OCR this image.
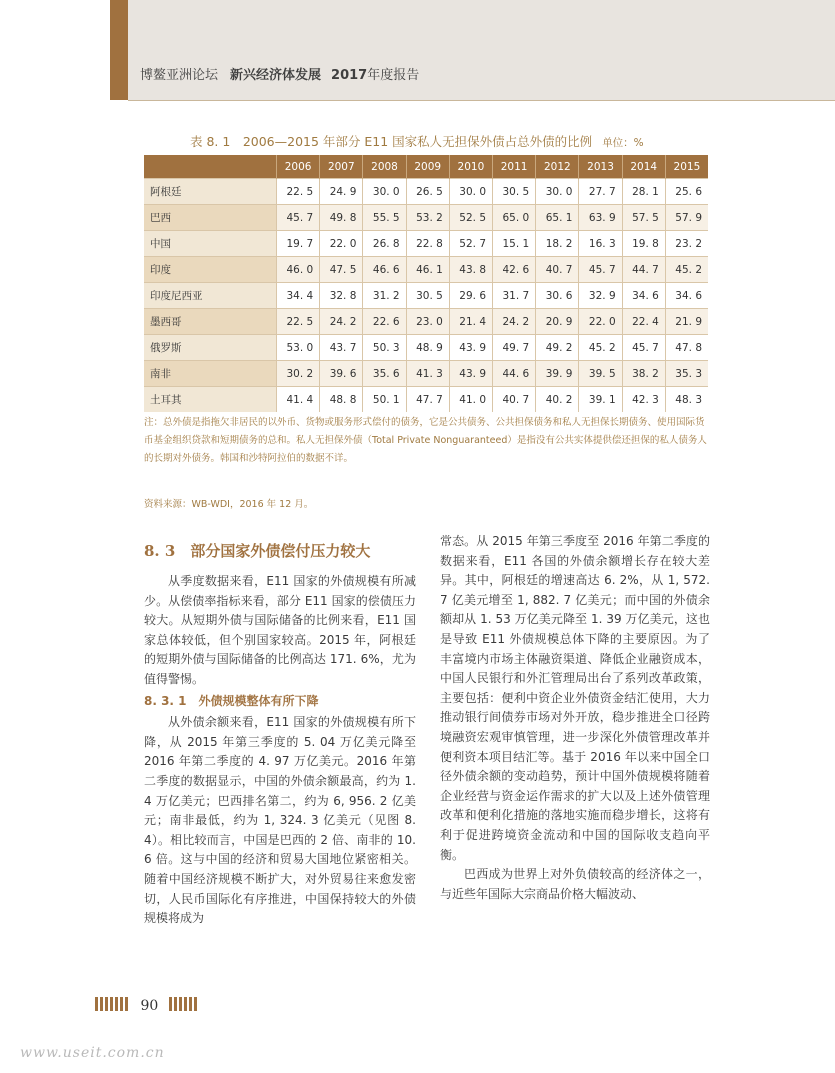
博鳌亚洲论坛 新兴经济体发展 2017年度报告
表 8. 1　2006—2015 年部分 E11 国家私人无担保外债占总外债的比例 单位：%
	2006	2007	2008	2009	2010	2011	2012	2013	2014	2015
阿根廷	22. 5	24. 9	30. 0	26. 5	30. 0	30. 5	30. 0	27. 7	28. 1	25. 6
巴西	45. 7	49. 8	55. 5	53. 2	52. 5	65. 0	65. 1	63. 9	57. 5	57. 9
中国	19. 7	22. 0	26. 8	22. 8	52. 7	15. 1	18. 2	16. 3	19. 8	23. 2
印度	46. 0	47. 5	46. 6	46. 1	43. 8	42. 6	40. 7	45. 7	44. 7	45. 2
印度尼西亚	34. 4	32. 8	31. 2	30. 5	29. 6	31. 7	30. 6	32. 9	34. 6	34. 6
墨西哥	22. 5	24. 2	22. 6	23. 0	21. 4	24. 2	20. 9	22. 0	22. 4	21. 9
俄罗斯	53. 0	43. 7	50. 3	48. 9	43. 9	49. 7	49. 2	45. 2	45. 7	47. 8
南非	30. 2	39. 6	35. 6	41. 3	43. 9	44. 6	39. 9	39. 5	38. 2	35. 3
土耳其	41. 4	48. 8	50. 1	47. 7	41. 0	40. 7	40. 2	39. 1	42. 3	48. 3
注：总外债是指拖欠非居民的以外币、货物或服务形式偿付的债务，它是公共债务、公共担保债务和私人无担保长期债务、使用国际货币基金组织贷款和短期债务的总和。私人无担保外债（Total Private Nonguaranteed）是指没有公共实体提供偿还担保的私人债务人的长期对外债务。韩国和沙特阿拉伯的数据不详。
资料来源：WB-WDI，2016 年 12 月。
8. 3　部分国家外债偿付压力较大

从季度数据来看，E11 国家的外债规模有所减少。从偿债率指标来看，部分 E11 国家的偿债压力较大。从短期外债与国际储备的比例来看，E11 国家总体较低，但个别国家较高。2015 年，阿根廷的短期外债与国际储备的比例高达 171. 6%，尤为值得警惕。

8. 3. 1　外债规模整体有所下降

从外债余额来看，E11 国家的外债规模有所下降，从 2015 年第三季度的 5. 04 万亿美元降至 2016 年第二季度的 4. 97 万亿美元。2016 年第二季度的数据显示，中国的外债余额最高，约为 1. 4 万亿美元；巴西排名第二，约为 6, 956. 2 亿美元；南非最低，约为 1, 324. 3 亿美元（见图 8. 4）。相比较而言，中国是巴西的 2 倍、南非的 10. 6 倍。这与中国的经济和贸易大国地位紧密相关。随着中国经济规模不断扩大，对外贸易往来愈发密切，人民币国际化有序推进，中国保持较大的外债规模将成为

常态。从 2015 年第三季度至 2016 年第二季度的数据来看，E11 各国的外债余额增长存在较大差异。其中，阿根廷的增速高达 6. 2%，从 1, 572. 7 亿美元增至 1, 882. 7 亿美元；而中国的外债余额却从 1. 53 万亿美元降至 1. 39 万亿美元，这也是导致 E11 外债规模总体下降的主要原因。为了丰富境内市场主体融资渠道、降低企业融资成本，中国人民银行和外汇管理局出台了系列改革政策，主要包括：便利中资企业外债资金结汇使用，大力推动银行间债券市场对外开放，稳步推进全口径跨境融资宏观审慎管理，进一步深化外债管理改革并便利资本项目结汇等。基于 2016 年以来中国全口径外债余额的变动趋势，预计中国外债规模将随着企业经营与资金运作需求的扩大以及上述外债管理改革和便利化措施的落地实施而稳步增长，这将有利于促进跨境资金流动和中国的国际收支趋向平衡。

巴西成为世界上对外负债较高的经济体之一，与近些年国际大宗商品价格大幅波动、

90
www.useit.com.cn
